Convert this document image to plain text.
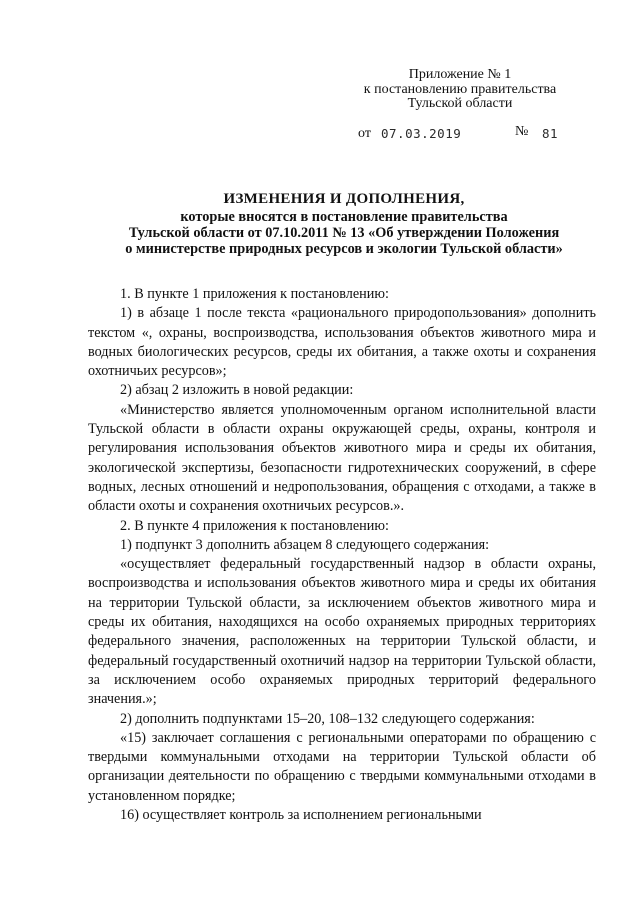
Приложение № 1
к постановлению правительства
Тульской области
от 07.03.2019	№ 81
ИЗМЕНЕНИЯ И ДОПОЛНЕНИЯ,
которые вносятся в постановление правительства
Тульской области от 07.10.2011 № 13 «Об утверждении Положения
о министерстве природных ресурсов и экологии Тульской области»

1. В пункте 1 приложения к постановлению:

1) в абзаце 1 после текста «рационального природопользования» дополнить текстом «, охраны, воспроизводства, использования объектов животного мира и водных биологических ресурсов, среды их обитания, а также охоты и сохранения охотничьих ресурсов»;

2) абзац 2 изложить в новой редакции:

«Министерство является уполномоченным органом исполнительной власти Тульской области в области охраны окружающей среды, охраны, контроля и регулирования использования объектов животного мира и среды их обитания, экологической экспертизы, безопасности гидротехнических сооружений, в сфере водных, лесных отношений и недропользования, обращения с отходами, а также в области охоты и сохранения охотничьих ресурсов.».

2. В пункте 4 приложения к постановлению:

1) подпункт 3 дополнить абзацем 8 следующего содержания:

«осуществляет федеральный государственный надзор в области охраны, воспроизводства и использования объектов животного мира и среды их обитания на территории Тульской области, за исключением объектов животного мира и среды их обитания, находящихся на особо охраняемых природных территориях федерального значения, расположенных на территории Тульской области, и федеральный государственный охотничий надзор на территории Тульской области, за исключением особо охраняемых природных территорий федерального значения.»;

2) дополнить подпунктами 15–20, 108–132 следующего содержания:

«15) заключает соглашения с региональными операторами по обращению с твердыми коммунальными отходами на территории Тульской области об организации деятельности по обращению с твердыми коммунальными отходами в установленном порядке;

16) осуществляет контроль за исполнением региональными
